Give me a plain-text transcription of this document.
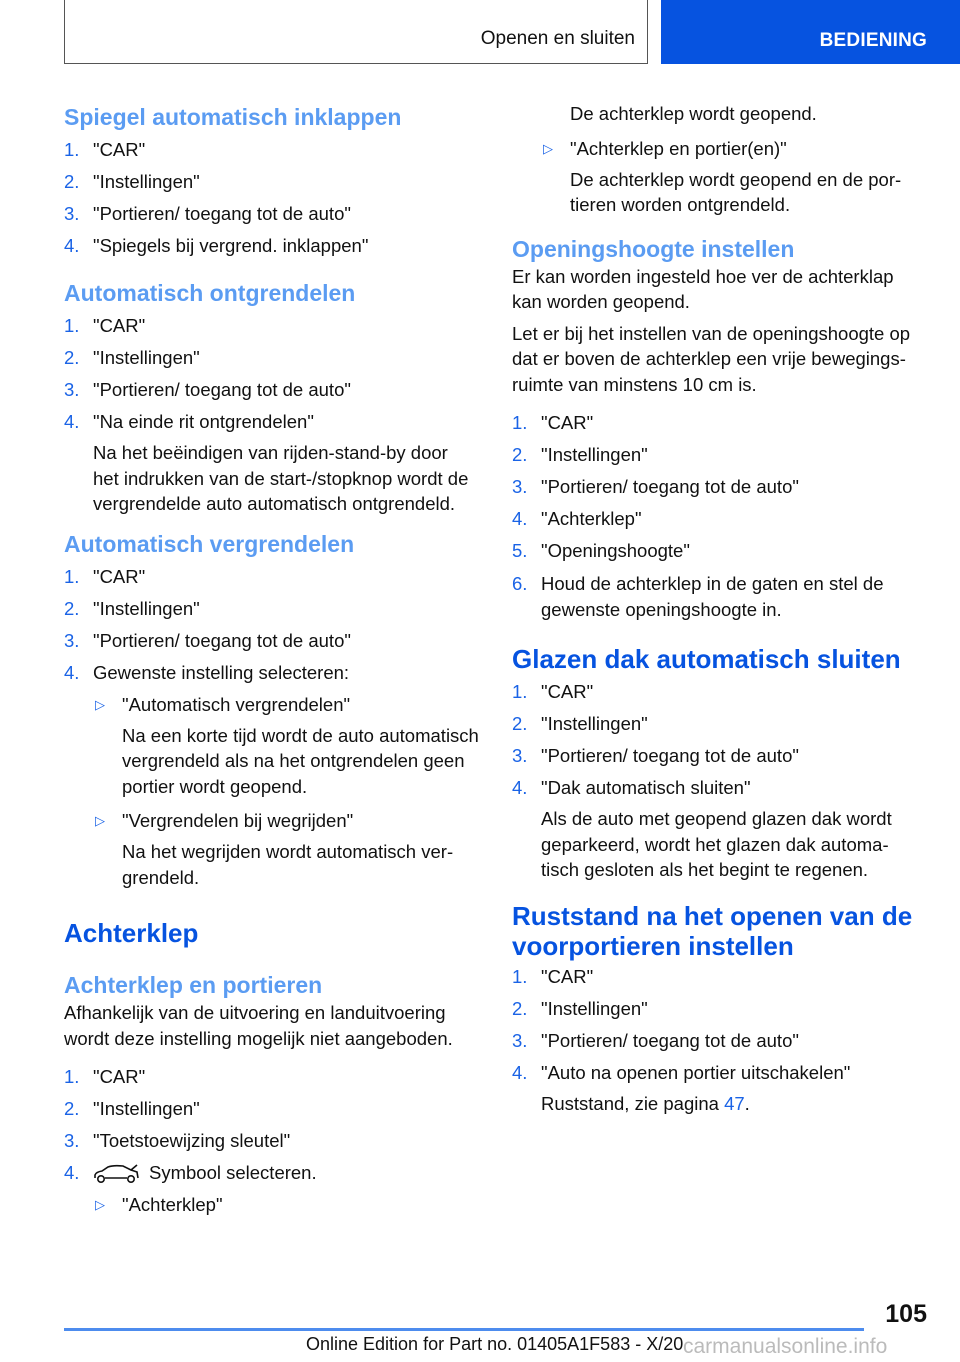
Openen en sluiten	BEDIENING
Spiegel automatisch inklappen
1. "CAR"
2. "Instellingen"
3. "Portieren/ toegang tot de auto"
4. "Spiegels bij vergrend. inklappen"
Automatisch ontgrendelen
1. "CAR"
2. "Instellingen"
3. "Portieren/ toegang tot de auto"
4. "Na einde rit ontgrendelen"
Na het beëindigen van rijden-stand-by door het indrukken van de start-/stopknop wordt de vergrendelde auto automatisch ontgrendeld.
Automatisch vergrendelen
1. "CAR"
2. "Instellingen"
3. "Portieren/ toegang tot de auto"
4. Gewenste instelling selecteren:
▷ "Automatisch vergrendelen"
Na een korte tijd wordt de auto automatisch vergrendeld als na het ontgrendelen geen portier wordt geopend.
▷ "Vergrendelen bij wegrijden"
Na het wegrijden wordt automatisch vergrendeld.
Achterklep
Achterklep en portieren

Afhankelijk van de uitvoering en landuitvoering wordt deze instelling mogelijk niet aangeboden.

1. "CAR"
2. "Instellingen"
3. "Toetstoewijzing sleutel"
4.	Symbool selecteren.
▷ "Achterklep"
De achterklep wordt geopend.
▷ "Achterklep en portier(en)"
De achterklep wordt geopend en de portieren worden ontgrendeld.
Openingshoogte instellen

Er kan worden ingesteld hoe ver de achterklap kan worden geopend.

Let er bij het instellen van de openingshoogte op dat er boven de achterklep een vrije bewegingsruimte van minstens 10 cm is.

1. "CAR"
2. "Instellingen"
3. "Portieren/ toegang tot de auto"
4. "Achterklep"
5. "Openingshoogte"
6. Houd de achterklep in de gaten en stel de gewenste openingshoogte in.
Glazen dak automatisch sluiten
1. "CAR"
2. "Instellingen"
3. "Portieren/ toegang tot de auto"
4. "Dak automatisch sluiten"
Als de auto met geopend glazen dak wordt geparkeerd, wordt het glazen dak automatisch gesloten als het begint te regenen.
Ruststand na het openen van de voorportieren instellen
1. "CAR"
2. "Instellingen"
3. "Portieren/ toegang tot de auto"
4. "Auto na openen portier uitschakelen"
Ruststand, zie pagina 47.
105
Online Edition for Part no. 01405A1F583 - X/20 carmanualsonline.info
